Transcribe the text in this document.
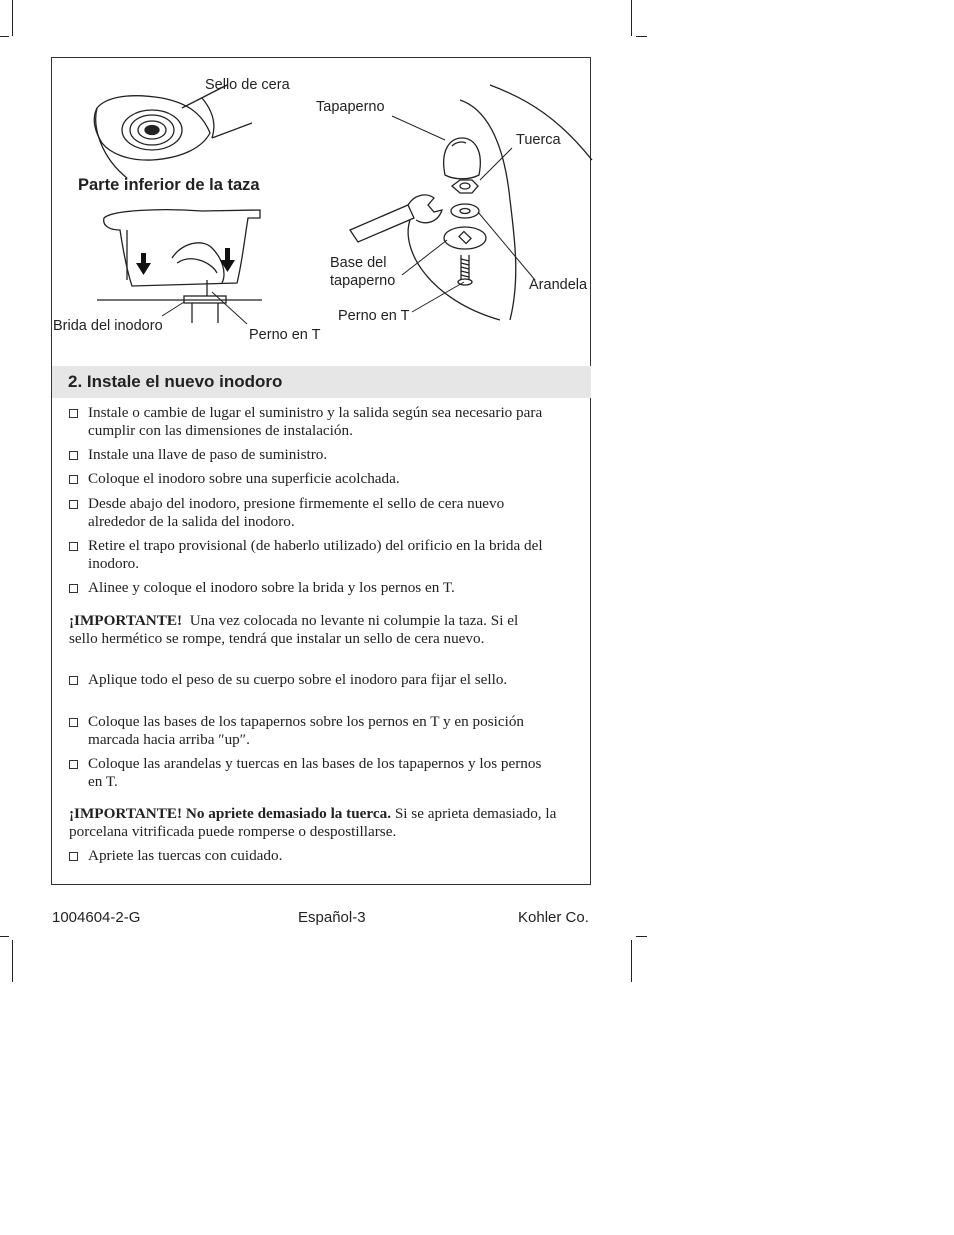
Sello de cera
Parte inferior de la taza
Brida del inodoro
Perno en T
Tapaperno
Tuerca
Base del
tapaperno	Arandela
Perno en T
2. Instale el nuevo inodoro
Instale o cambie de lugar el suministro y la salida según sea necesario para cumplir con las dimensiones de instalación.
Instale una llave de paso de suministro.
Coloque el inodoro sobre una superficie acolchada.
Desde abajo del inodoro, presione firmemente el sello de cera nuevo alrededor de la salida del inodoro.
Retire el trapo provisional (de haberlo utilizado) del orificio en la brida del inodoro.
Alinee y coloque el inodoro sobre la brida y los pernos en T.
¡IMPORTANTE! Una vez colocada no levante ni columpie la taza. Si el sello hermético se rompe, tendrá que instalar un sello de cera nuevo.
Aplique todo el peso de su cuerpo sobre el inodoro para fijar el sello.
Coloque las bases de los tapapernos sobre los pernos en T y en posición marcada hacia arriba ″up″.
Coloque las arandelas y tuercas en las bases de los tapapernos y los pernos en T.
¡IMPORTANTE! No apriete demasiado la tuerca. Si se aprieta demasiado, la porcelana vitrificada puede romperse o despostillarse.
Apriete las tuercas con cuidado.
1004604-2-G	Español-3	Kohler Co.
